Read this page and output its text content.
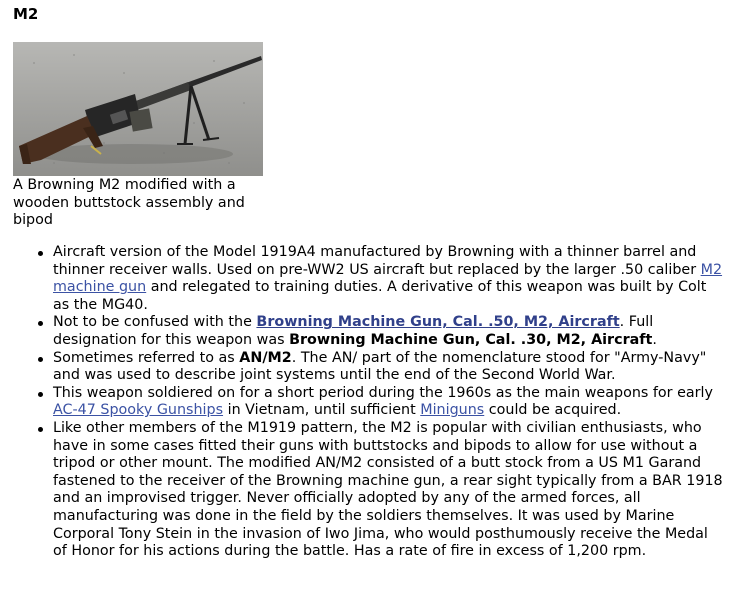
M2
A Browning M2 modified with a wooden buttstock assembly and bipod
Aircraft version of the Model 1919A4 manufactured by Browning with a thinner barrel and thinner receiver walls. Used on pre-WW2 US aircraft but replaced by the larger .50 caliber M2 machine gun and relegated to training duties. A derivative of this weapon was built by Colt as the MG40.
Not to be confused with the Browning Machine Gun, Cal. .50, M2, Aircraft. Full designation for this weapon was Browning Machine Gun, Cal. .30, M2, Aircraft.
Sometimes referred to as AN/M2. The AN/ part of the nomenclature stood for "Army-Navy" and was used to describe joint systems until the end of the Second World War.
This weapon soldiered on for a short period during the 1960s as the main weapons for early AC-47 Spooky Gunships in Vietnam, until sufficient Miniguns could be acquired.
Like other members of the M1919 pattern, the M2 is popular with civilian enthusiasts, who have in some cases fitted their guns with buttstocks and bipods to allow for use without a tripod or other mount. The modified AN/M2 consisted of a butt stock from a US M1 Garand fastened to the receiver of the Browning machine gun, a rear sight typically from a BAR 1918 and an improvised trigger. Never officially adopted by any of the armed forces, all manufacturing was done in the field by the soldiers themselves. It was used by Marine Corporal Tony Stein in the invasion of Iwo Jima, who would posthumously receive the Medal of Honor for his actions during the battle. Has a rate of fire in excess of 1,200 rpm.
